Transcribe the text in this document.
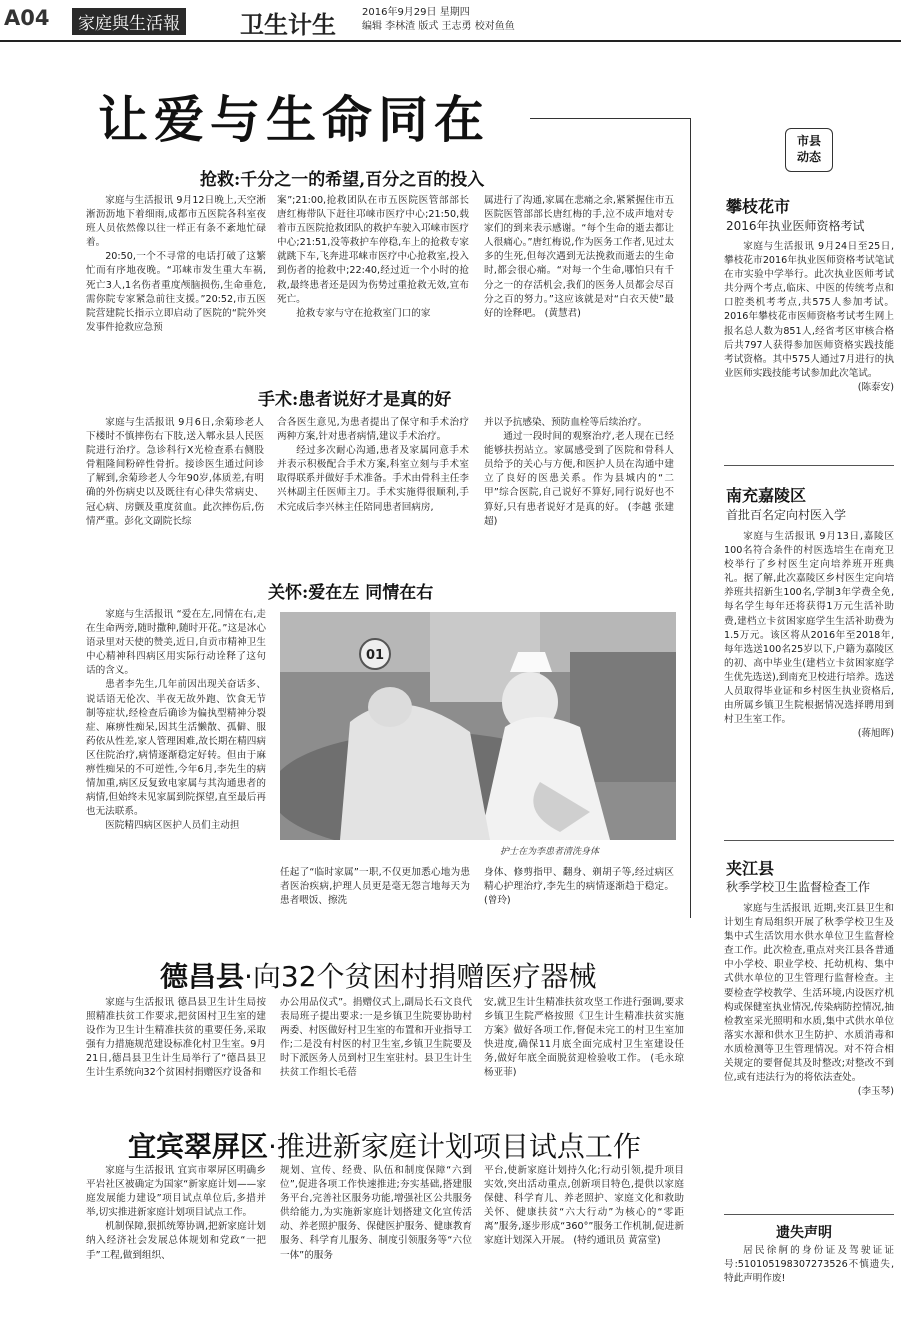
A04	家庭與生活報	卫生计生	2016年9月29日 星期四
编辑 李林渣 版式 王志勇 校对鱼鱼
让爱与生命同在
抢救:千分之一的希望,百分之百的投入

家庭与生活报讯 9月12日晚上,天空淅淅沥沥地下着细雨,成都市五医院各科室夜班人员依然像以往一样正有条不紊地忙碌着。

20:50,一个不寻常的电话打破了这繁忙而有序地夜晚。“邛崃市发生重大车祸,死亡3人,1名伤者重度颅脑损伤,生命垂危,需你院专家紧急前往支援。”20:52,市五医院营建院长指示立即启动了医院的“院外突发事件抢救应急预

案”;21:00,抢救团队在市五医院医管部部长唐红梅带队下赶往邛崃市医疗中心;21:50,载着市五医院抢救团队的救护车驶入邛崃市医疗中心;21:51,没等救护车停稳,车上的抢救专家就跳下车,飞奔进邛崃市医疗中心抢救室,投入到伤者的抢救中;22:40,经过近一个小时的抢救,最终患者还是因为伤势过重抢救无效,宣布死亡。

抢救专家与守在抢救室门口的家

属进行了沟通,家属在悲痛之余,紧紧握住市五医院医管部部长唐红梅的手,泣不成声地对专家们的到来表示感谢。“每个生命的逝去都让人很痛心。”唐红梅说,作为医务工作者,见过太多的生死,但每次遇到无法挽救而逝去的生命时,都会很心痛。“对每一个生命,哪怕只有千分之一的存活机会,我们的医务人员都会尽百分之百的努力。”这应该就是对“白衣天使”最好的诠释吧。 (黄慧君)

手术:患者说好才是真的好

家庭与生活报讯 9月6日,余菊珍老人下楼时不慎摔伤右下肢,送入郫永县人民医院进行治疗。急诊科行X光检查系右侧股骨粗隆间粉碎性骨折。接诊医生通过问诊了解到,余菊珍老人今年90岁,体质差,有明确的外伤病史以及既往有心律失常病史、冠心病、房颤及重度贫血。此次摔伤后,伤情严重。彭化文副院长综

合各医生意见,为患者提出了保守和手术治疗两种方案,针对患者病情,建议手术治疗。

经过多次耐心沟通,患者及家属同意手术并表示积极配合手术方案,科室立刻与手术室取得联系并做好手术准备。手术由骨科主任李兴林副主任医师主刀。手术实施得很顺利,手术完成后李兴林主任陪同患者回病房,

并以予抗感染、预防血栓等后续治疗。

通过一段时间的观察治疗,老人现在已经能够扶拐站立。家属感受到了医院和骨科人员给予的关心与方便,和医护人员在沟通中建立了良好的医患关系。作为县城内的“二甲”综合医院,自己说好不算好,同行说好也不算好,只有患者说好才是真的好。 (李越 张建超)

关怀:爱在左 同情在右

家庭与生活报讯 “爱在左,同情在右,走在生命两旁,随时撒种,随时开花。”这是冰心语录里对天使的赞美,近日,自贡市精神卫生中心精神科四病区用实际行动诠释了这句话的含义。

患者李先生,几年前因出现关奋话多、说话语无伦次、半夜无故外跑、饮食无节制等症状,经检查后确诊为偏执型精神分裂症、麻痹性痴呆,因其生活懒散、孤僻、服药依从性差,家人管理困难,故长期在精四病区住院治疗,病情逐渐稳定好转。但由于麻痹性痴呆的不可逆性,今年6月,李先生的病情加重,病区反复致电家属与其沟通患者的病情,但始终未见家属到院探望,直至最后再也无法联系。

医院精四病区医护人员们主动担

01
护士在为李患者清洗身体

任起了“临时家属”一职,不仅更加悉心地为患者医治疾病,护理人员更是毫无怨言地每天为患者喂饭、擦洗

身体、修剪指甲、翻身、剃胡子等,经过病区精心护理治疗,李先生的病情逐渐趋于稳定。 (曾玲)

德昌县·向32个贫困村捐赠医疗器械

家庭与生活报讯 德昌县卫生计生局按照精准扶贫工作要求,把贫困村卫生室的建设作为卫生计生精准扶贫的重要任务,采取强有力措施规范建设标准化村卫生室。9月21日,德昌县卫生计生局举行了“德昌县卫生计生系统向32个贫困村捐赠医疗设备和

办公用品仪式”。捐赠仪式上,副局长石文良代表局班子提出要求:一是乡镇卫生院要协助村两委、村医做好村卫生室的布置和开业指导工作;二是没有村医的村卫生室,乡镇卫生院要及时下派医务人员到村卫生室驻村。县卫生计生扶贫工作组长毛蓓

安,就卫生计生精准扶贫攻坚工作进行强调,要求乡镇卫生院严格按照《卫生计生精准扶贫实施方案》做好各项工作,督促未完工的村卫生室加快进度,确保11月底全面完成村卫生室建设任务,做好年底全面脱贫迎检验收工作。 (毛永琼 杨亚菲)

宜宾翠屏区·推进新家庭计划项目试点工作

家庭与生活报讯 宜宾市翠屏区明确乡平岩社区被确定为国家“新家庭计划——家庭发展能力建设”项目试点单位后,多措并举,切实推进新家庭计划项目试点工作。

机制保障,狠抓统筹协调,把新家庭计划纳入经济社会发展总体规划和党政“一把手”工程,做到组织、

规划、宣传、经费、队伍和制度保障“六到位”,促进各项工作快速推进;夯实基础,搭建服务平台,完善社区服务功能,增强社区公共服务供给能力,为实施新家庭计划搭建文化宣传活动、养老照护服务、保健医护服务、健康教育服务、科学育儿服务、制度引领服务等“六位一体”的服务

平台,使新家庭计划持久化;行动引领,提升项目实效,突出活动重点,创新项目特色,提供以家庭保健、科学育儿、养老照护、家庭文化和救助关怀、健康扶贫“六大行动”为核心的“零距离”服务,逐步形成“360°”服务工作机制,促进新家庭计划深入开展。 (特约通讯员 黄富堂)

市县
动态
攀枝花市
2016年执业医师资格考试

家庭与生活报讯 9月24日至25日,攀枝花市2016年执业医师资格考试笔试在市实验中学举行。此次执业医师考试共分两个考点,临床、中医的传统考点和口腔类机考考点,共575人参加考试。2016年攀枝花市医师资格考试考生网上报名总人数为851人,经省考区审核合格后共797人获得参加医师资格实践技能考试资格。其中575人通过7月进行的执业医师实践技能考试参加此次笔试。

(陈泰安)
南充嘉陵区
首批百名定向村医入学

家庭与生活报讯 9月13日,嘉陵区100名符合条件的村医选培生在南充卫校举行了乡村医生定向培养班开班典礼。据了解,此次嘉陵区乡村医生定向培养班共招新生100名,学制3年学费全免,每名学生每年还将获得1万元生活补助费,建档立卡贫困家庭学生生活补助费为1.5万元。该区将从2016年至2018年,每年选送100名25岁以下,户籍为嘉陵区的初、高中毕业生(建档立卡贫困家庭学生优先选送),到南充卫校进行培养。选送人员取得毕业证和乡村医生执业资格后,由所属乡镇卫生院根据情况选择聘用到村卫生室工作。

(蒋旭晖)
夹江县
秋季学校卫生监督检查工作

家庭与生活报讯 近期,夹江县卫生和计划生育局组织开展了秋季学校卫生及集中式生活饮用水供水单位卫生监督检查工作。此次检查,重点对夹江县各普通中小学校、职业学校、托幼机构、集中式供水单位的卫生管理行监督检查。主要检查学校教学、生活环境,内设医疗机构或保健室执业情况,传染病防控情况,抽检教室采光照明和水质,集中式供水单位落实水源和供水卫生防护、水质消毒和水质检测等卫生管理情况。对不符合相关规定的要督促其及时整改;对整改不到位,或有违法行为的将依法查处。

(李玉琴)
遗失声明

居民徐舸的身份证及驾驶证证号:510105198307273526不慎遗失,特此声明作废!
